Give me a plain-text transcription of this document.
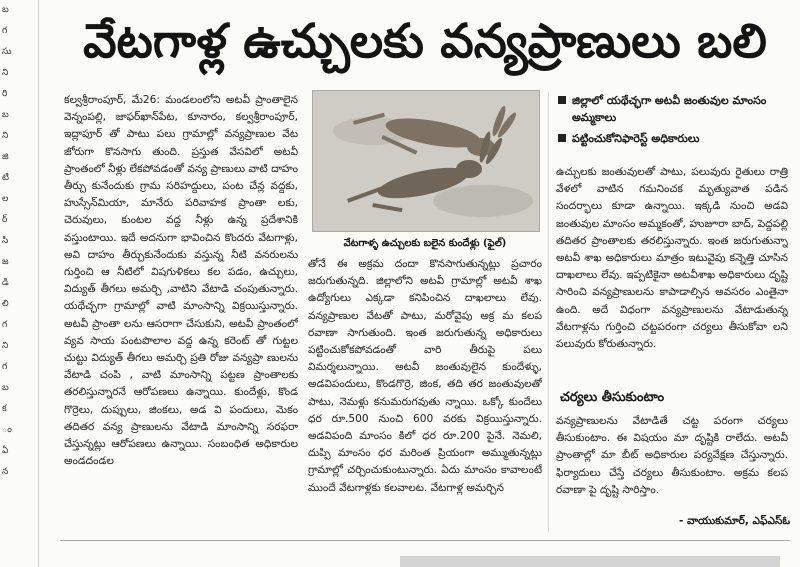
బ
గ
సు
ని
రి
బ
ని
జి
టి
ల
ర్
సి
జ
డి
లి
గ
ని
గ
బ
క
ం
ఏ
న
వేటగాళ్ల ఉచ్చులకు వన్యప్రాణులు బలి
కల్వశ్రీరాంపూర్, మే26: మండలంలోని అటవీ ప్రాంతాలైన వెన్నంపల్లి, జాఫర్‌ఖాన్‌పేట, కూనారం, కల్వశ్రీరాంపూర్, ఇద్లాపూర్ తో పాటు పలు గ్రామాల్లో వన్యప్రాణుల వేట జోరుగా కొనసాగు తుంది. ప్రస్తుత వేసవిలో అటవీ ప్రాంతంలో నీళ్లు లేకపోవడంతో వన్య ప్రాణులు వాటి దాహం తీర్చు కునేందుకు గ్రామ సరిహద్దులు, పంట చేన్ల వద్దకు, హుస్సేన్‌మియా, మానేరు పరివాహక ప్రాంతా లకు, చెరువులు, కుంటల వద్ద నీళ్లు ఉన్న ప్రదేశానికి వస్తుంటాయి. ఇదే అదనుగా భావించిన కొందరు వేటగాళ్లు, అవి దాహం తీర్చుకునేందుకు వస్తున్న నీటి వనరులను గుర్తించి ఆ నీటిలో విషగుళికలు కల పడం, ఉచ్చులు, విద్యుత్ తీగలు అమర్చి ,వాటిని వేటాడి చంపుతున్నారు. యథేచ్ఛగా గ్రామాల్లో వాటి మాంసాన్ని విక్రయిస్తున్నారు. అటవీ ప్రాంతా లను ఆసరాగా చేసుకుని, అటవీ ప్రాంతంలో వ్యవ సాయ పంటపొలాల వద్ద ఉన్న కరెంట్ తో గుట్టల చుట్టు విద్యుత్ తీగలు అమర్చి ప్రతి రోజు వన్యప్రా ణులను వేటాడి చంపి , వాటి మాంసాన్ని పట్టణ ప్రాంతాలకు తరలిస్తున్నారనే ఆరోపణలు ఉన్నాయి. కుందేళ్లు, కొండ గొర్రెలు, దుప్పులు, జింకలు, అడ వి పందులు, మెకం తదితర వన్య ప్రాణులను వేటాడి మాంసాన్ని సరఫరా చేస్తున్నట్లు ఆరోపణలు ఉన్నాయి. సంబంధిత అధికారుల అండదండల
వేటగాళ్ళ ఉచ్చులకు బలైన కుందేళ్లు (ఫైల్)
తోనే ఈ అక్రమ దందా కొనసాగుతున్నట్లు ప్రచారం జరుగుతున్నది. జిల్లాలోని అటవీ గ్రామాల్లో అటవీ శాఖ ఉద్యోగులు ఎక్కడా కనిపించిన దాఖలాలు లేవు. వన్యప్రాణుల వేటతో పాటు, మరోవైపు అక్ర మ కలప రవాణా సాగుతుంది. ఇంత జరుగుతున్న అధికారులు పట్టించుకోకపోవడంతో వారి తీరుపై పలు విమర్శలున్నాయి. అటవీ జంతువులైన కుందేళ్ళు, అడవిపందులు, కొండగొర్రె, జింక, తది తర జంతువులతో పాటు, నెమళ్లు కనుమరుగవుతు న్నాయి. ఒక్కో కుందేలు ధర రూ.500 నుంచి 600 వరకు విక్రయిస్తున్నారు. అడవిపంది మాంసం కిలో ధర రూ.200 పైనే. నెమలి, దుప్పి మాంసం ధర మరింత ప్రియంగా అమ్ముతున్నట్లు గ్రామాల్లో చర్చించుకుంటున్నారు. ఏదు మాంసం కావాలంటే ముందే వేటగాళ్లకు కలవాలట. వేటగాళ్ల అమర్చిన
జిల్లాలో యథేచ్ఛగా అటవీ జంతువుల మాంసం అమ్మకాలు
పట్టించుకోనిఫారెస్ట్ అధికారులు
ఉచ్చులకు జంతువులతో పాటు, పలువురు రైతులు రాత్రి వేళలో వాటిన గమనించక మృత్యువాత పడిన సందర్భాలు కూడా ఉన్నాయి. ఇక్కడి నుంచి అడవి జంతువుల మాంసం అమ్మకంతో, హుజూరా బాద్, పెద్దపల్లి తదితర ప్రాంతాలకు తరలిస్తున్నారు. ఇంత జరుగుతున్నా అటవీ శాఖ అధికారులు మాత్రం ఇటువైపు కన్నెత్తి చూసిన దాఖలాలు లేవు. ఇప్పటికైనా అటవీశాఖ అధికారులు దృష్టి సారించి వన్యప్రాణులను కాపాడాల్సిన అవసరం ఎంతైనా ఉంది. అదే విధంగా వన్యప్రాణులను వేటాడుతున్న వేటగాళ్లను గుర్తించి చట్టపరంగా చర్యలు తీసుకోవా లని పలువురు కోరుతున్నారు.
చర్యలు తీసుకుంటాం
వన్యప్రాణులను వేటాడితే చట్ట పరంగా చర్యలు తీసుకుంటాం. ఈ విషయం మా దృష్టికి రాలేదు. అటవీ ప్రాంతాల్లో మా బీట్ అధికారుల పర్యవేక్షణ చేస్తున్నారు. ఫిర్యాదులు చేస్తే చర్యలు తీసుకుంటాం. అక్రమ కలప రవాణా పై దృష్టి సారిస్తాం.
- వాయుకుమార్, ఎఫ్ఎస్‌ఓ
